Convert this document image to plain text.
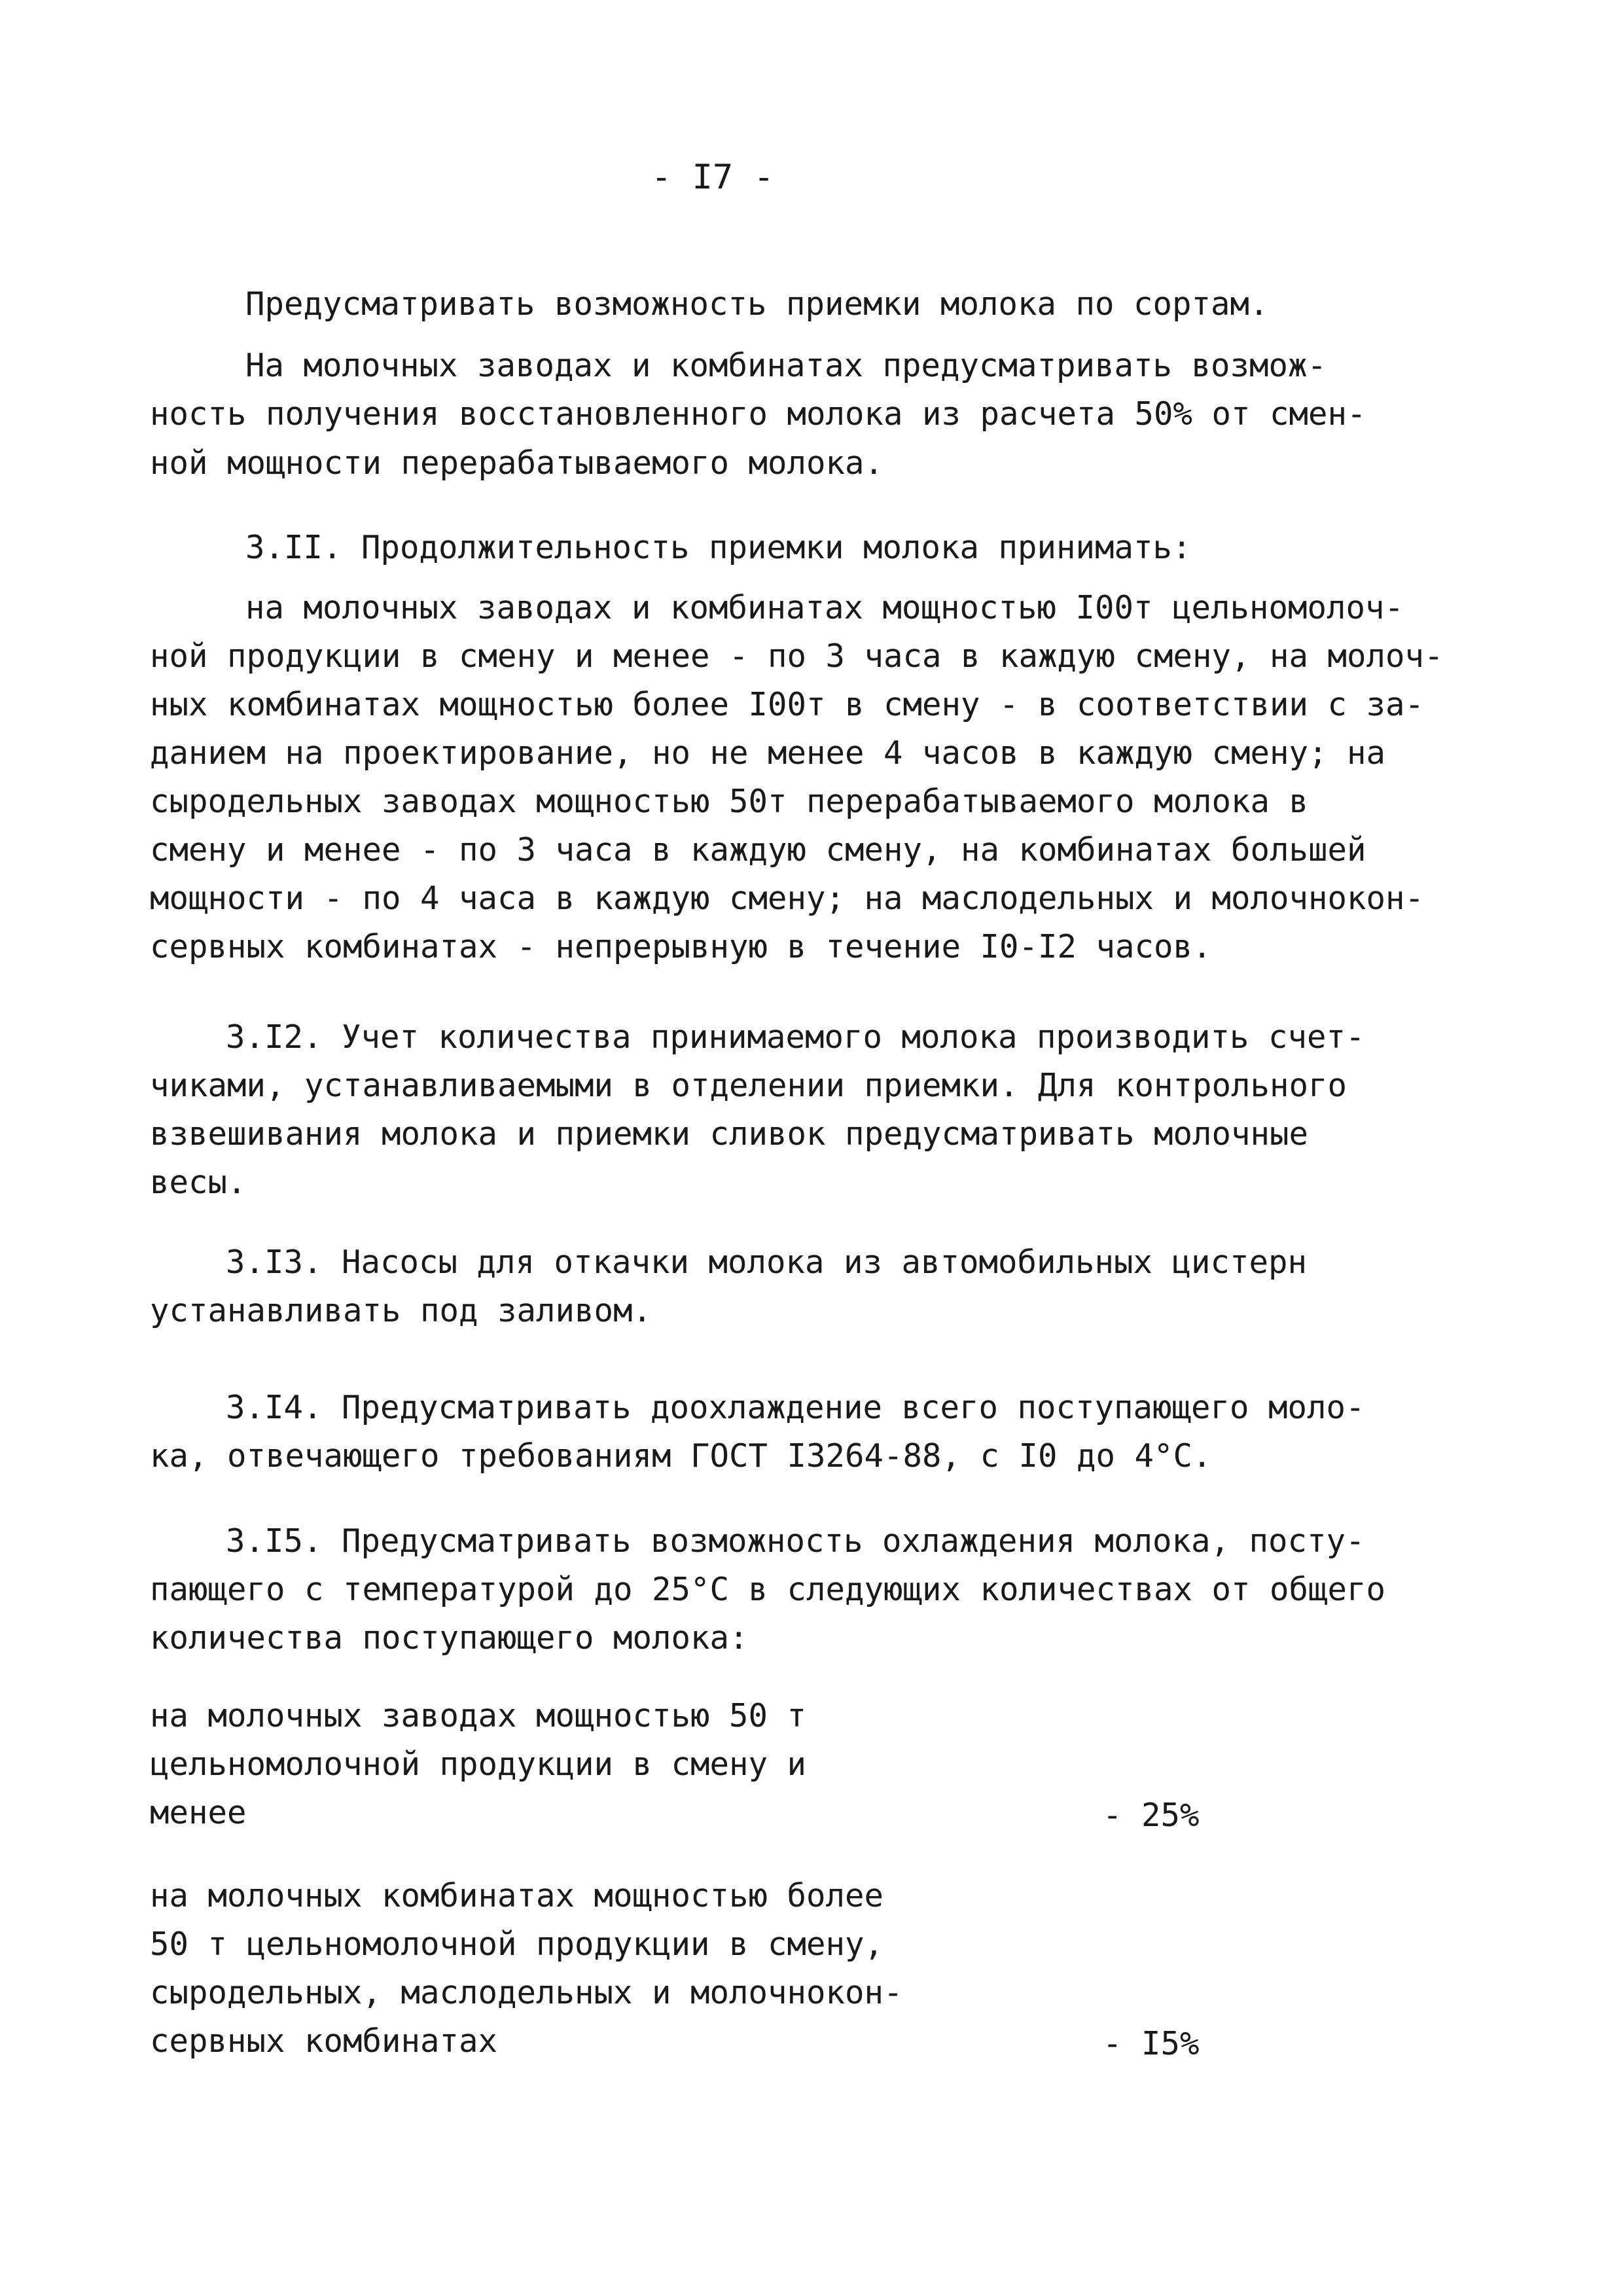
- I7 -
Предусматривать возможность приемки молока по сортам.
На молочных заводах и комбинатах предусматривать возмож-
ность получения восстановленного молока из расчета 50% от смен-
ной мощности перерабатываемого молока.
3.II. Продолжительность приемки молока принимать:
на молочных заводах и комбинатах мощностью I00т цельномолоч-
ной продукции в смену и менее - по 3 часа в каждую смену, на молоч-
ных комбинатах мощностью более I00т в смену - в соответствии с за-
данием на проектирование, но не менее 4 часов в каждую смену; на
сыродельных заводах мощностью 50т перерабатываемого молока в
смену и менее - по 3 часа в каждую смену, на комбинатах большей
мощности - по 4 часа в каждую смену; на маслодельных и молочнокон-
сервных комбинатах - непрерывную в течение I0-I2 часов.
3.I2. Учет количества принимаемого молока производить счет-
чиками, устанавливаемыми в отделении приемки. Для контрольного
взвешивания молока и приемки сливок предусматривать молочные
весы.
3.I3. Насосы для откачки молока из автомобильных цистерн
устанавливать под заливом.
3.I4. Предусматривать доохлаждение всего поступающего моло-
ка, отвечающего требованиям ГОСТ I3264-88, с I0 до 4°С.
3.I5. Предусматривать возможность охлаждения молока, посту-
пающего с температурой до 25°С в следующих количествах от общего
количества поступающего молока:
на молочных заводах мощностью 50 т
цельномолочной продукции в смену и
менее	- 25%
на молочных комбинатах мощностью более
50 т цельномолочной продукции в смену,
сыродельных, маслодельных и молочнокон-
сервных комбинатах	- I5%
